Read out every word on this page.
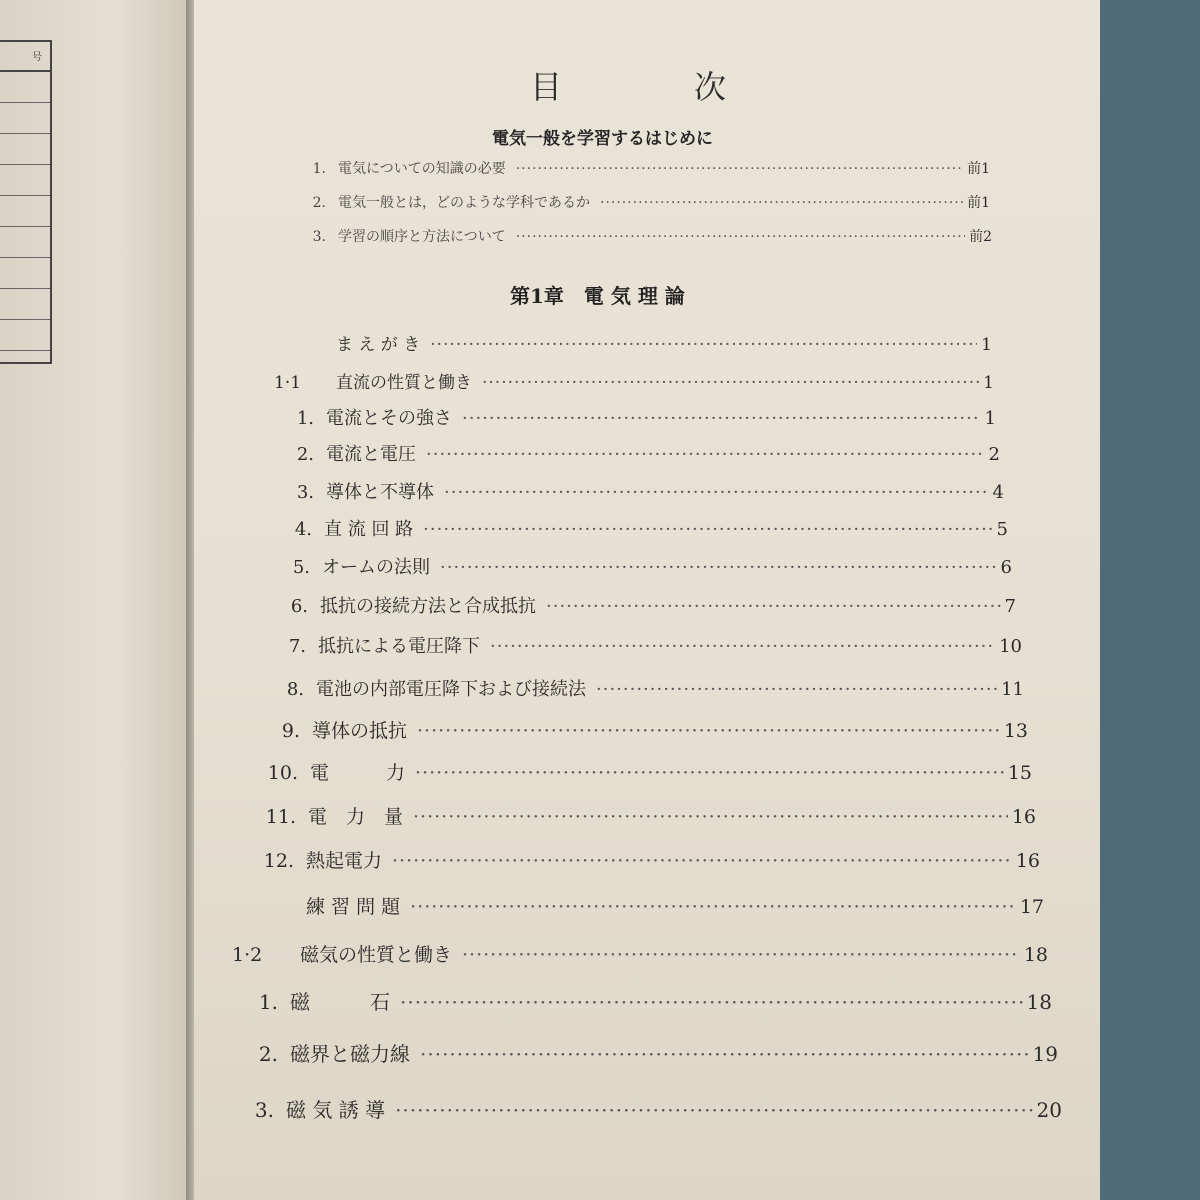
号
目	次
電気一般を学習するはじめに
1. 電気についての知識の必要 ·····	前1
2. 電気一般とは，どのような学科であるか ·····	前1
3. 学習の順序と方法について ·····	前2
第1章　電 気 理 論
ま え が き ·····	1
1·1	直流の性質と働き ·····	1
1. 電流とその強さ ·····	1
2. 電流と電圧 ·····	2
3. 導体と不導体 ·····	4
4. 直 流 回 路 ·····	5
5. オームの法則 ·····	6
6. 抵抗の接続方法と合成抵抗 ·····	7
7. 抵抗による電圧降下 ·····	10
8. 電池の内部電圧降下および接続法 ·····	11
9. 導体の抵抗 ·····	13
10. 電　　　力 ·····	15
11. 電　力　量 ·····	16
12. 熱起電力 ·····	16
練 習 問 題 ·····	17
1·2	磁気の性質と働き ·····	18
1. 磁　　　石 ·····	18
2. 磁界と磁力線 ·····	19
3. 磁 気 誘 導 ·····	20
